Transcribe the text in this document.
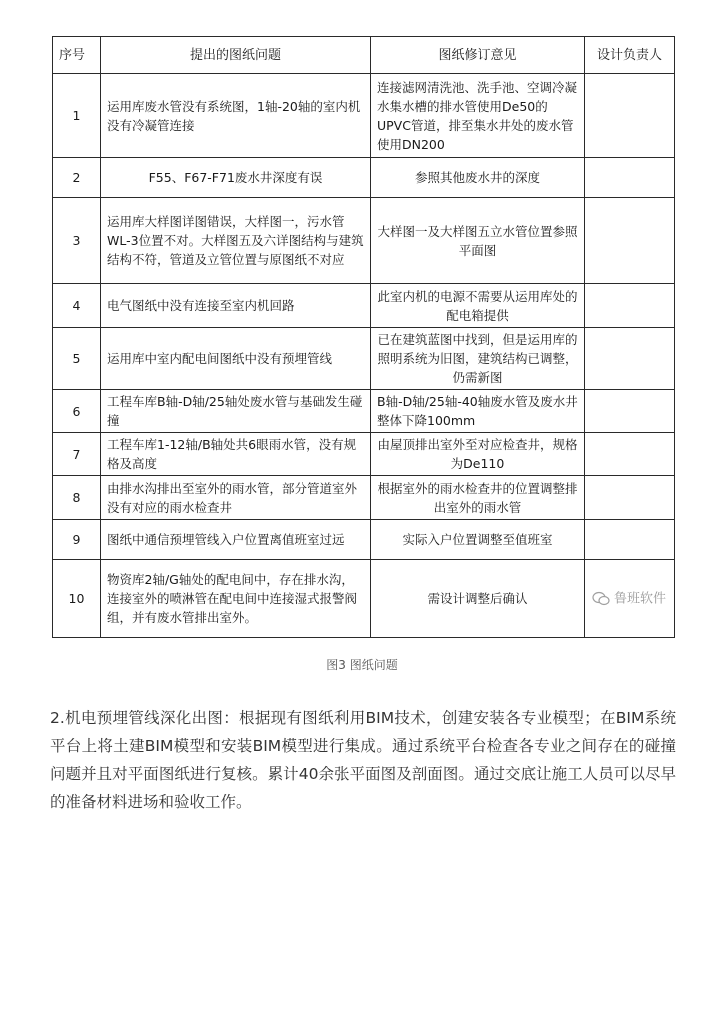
序号	提出的图纸问题	图纸修订意见	设计负责人
1	运用库废水管没有系统图，1轴-20轴的室内机没有冷凝管连接	连接滤网清洗池、洗手池、空调冷凝水集水槽的排水管使用De50的UPVC管道，排至集水井处的废水管使用DN200	
2	F55、F67-F71废水井深度有误	参照其他废水井的深度	
3	运用库大样图详图错误，大样图一，污水管WL-3位置不对。大样图五及六详图结构与建筑结构不符，管道及立管位置与原图纸不对应	大样图一及大样图五立水管位置参照平面图	
4	电气图纸中没有连接至室内机回路	此室内机的电源不需要从运用库处的配电箱提供	
5	运用库中室内配电间图纸中没有预埋管线	已在建筑蓝图中找到，但是运用库的照明系统为旧图，建筑结构已调整，仍需新图	
6	工程车库B轴-D轴/25轴处废水管与基础发生碰撞	B轴-D轴/25轴-40轴废水管及废水井整体下降100mm	
7	工程车库1-12轴/B轴处共6眼雨水管，没有规格及高度	由屋顶排出室外至对应检查井，规格为De110	
8	由排水沟排出至室外的雨水管，部分管道室外没有对应的雨水检查井	根据室外的雨水检查井的位置调整排出室外的雨水管	
9	图纸中通信预埋管线入户位置离值班室过远	实际入户位置调整至值班室	
10	物资库2轴/G轴处的配电间中，存在排水沟，连接室外的喷淋管在配电间中连接湿式报警阀组，并有废水管排出室外。	需设计调整后确认	鲁班软件
图3 图纸问题

2.机电预埋管线深化出图：根据现有图纸利用BIM技术，创建安装各专业模型；在BIM系统平台上将土建BIM模型和安装BIM模型进行集成。通过系统平台检查各专业之间存在的碰撞问题并且对平面图纸进行复核。累计40余张平面图及剖面图。通过交底让施工人员可以尽早的准备材料进场和验收工作。
